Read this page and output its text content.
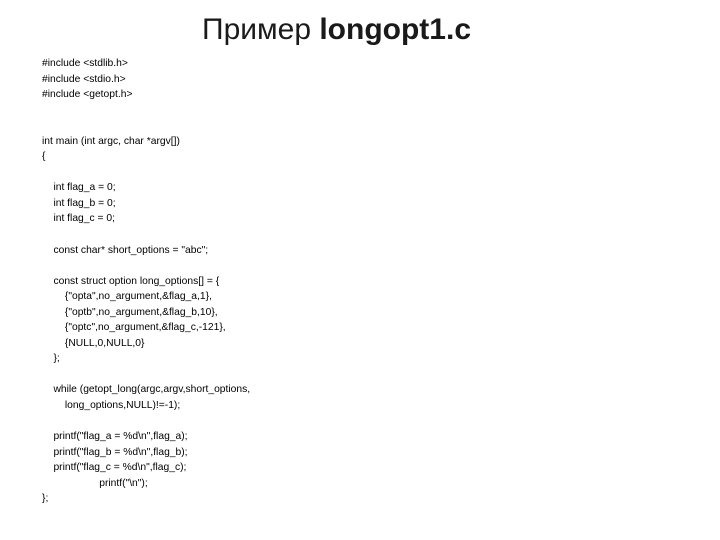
Пример longopt1.c
#include <stdlib.h>
#include <stdio.h>
#include <getopt.h>
int main (int argc, char *argv[])
{
int flag_a = 0;
int flag_b = 0;
int flag_c = 0;
const char* short_options = "abc";
const struct option long_options[] = {
{"opta",no_argument,&flag_a,1},
{"optb",no_argument,&flag_b,10},
{"optc",no_argument,&flag_c,-121},
{NULL,0,NULL,0}
};
while (getopt_long(argc,argv,short_options,
long_options,NULL)!=-1);
printf("flag_a = %d\n",flag_a);
printf("flag_b = %d\n",flag_b);
printf("flag_c = %d\n",flag_c);
printf("\n");
};
